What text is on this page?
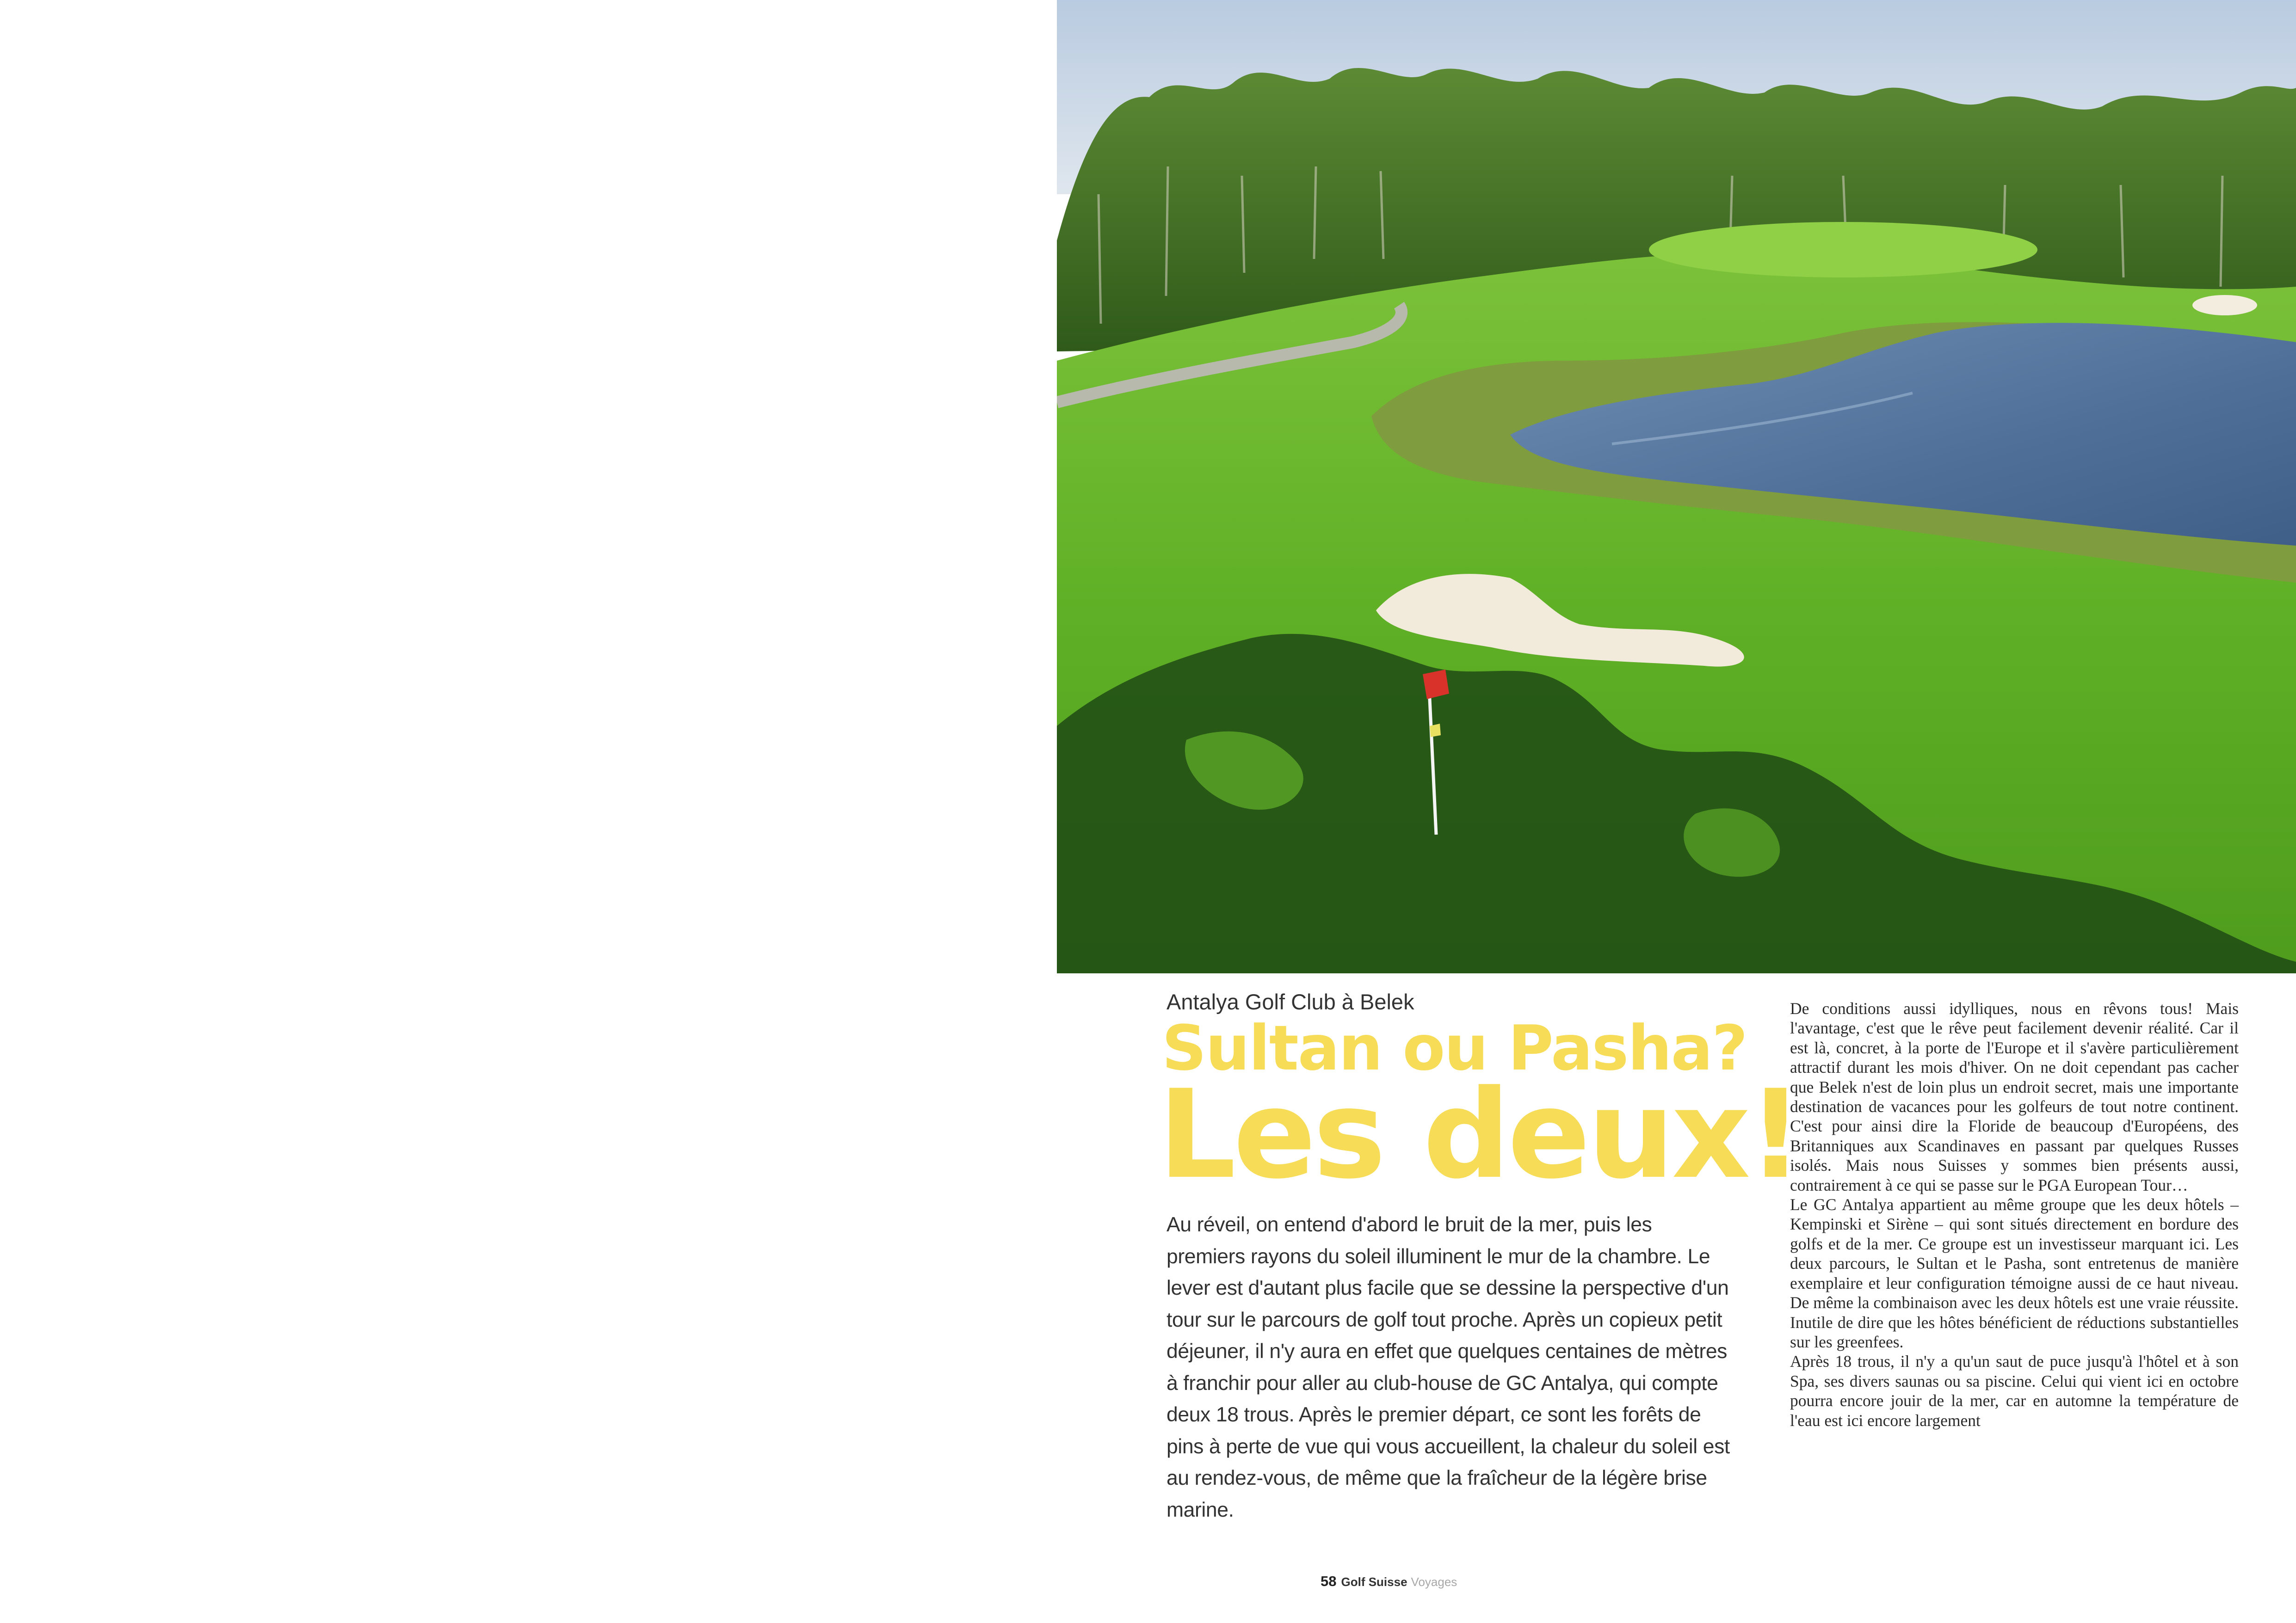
Antalya Golf Club à Belek

Sultan ou Pasha?
Les deux!

Au réveil, on entend d'abord le bruit de la mer, puis les premiers rayons du soleil illuminent le mur de la chambre. Le lever est d'autant plus facile que se dessine la perspective d'un tour sur le parcours de golf tout proche. Après un copieux petit déjeuner, il n'y aura en effet que quelques centaines de mètres à franchir pour aller au club-house de GC Antalya, qui compte deux 18 trous. Après le premier départ, ce sont les forêts de pins à perte de vue qui vous accueillent, la chaleur du soleil est au rendez-vous, de même que la fraîcheur de la légère brise marine.

De conditions aussi idylliques, nous en rêvons tous! Mais l'avantage, c'est que le rêve peut facilement devenir réalité. Car il est là, concret, à la porte de l'Europe et il s'avère particulièrement attractif durant les mois d'hiver. On ne doit cependant pas cacher que Belek n'est de loin plus un endroit secret, mais une importante destination de vacances pour les golfeurs de tout notre continent. C'est pour ainsi dire la Floride de beaucoup d'Européens, des Britanniques aux Scandinaves en passant par quelques Russes isolés. Mais nous Suisses y sommes bien présents aussi, contrairement à ce qui se passe sur le PGA European Tour…

Le GC Antalya appartient au même groupe que les deux hôtels – Kempinski et Sirène – qui sont situés directement en bordure des golfs et de la mer. Ce groupe est un investisseur marquant ici. Les deux parcours, le Sultan et le Pasha, sont entretenus de manière exemplaire et leur configuration témoigne aussi de ce haut niveau. De même la combinaison avec les deux hôtels est une vraie réussite. Inutile de dire que les hôtes bénéficient de réductions substantielles sur les greenfees.

Après 18 trous, il n'y a qu'un saut de puce jusqu'à l'hôtel et à son Spa, ses divers saunas ou sa piscine. Celui qui vient ici en octobre pourra encore jouir de la mer, car en automne la température de l'eau est ici encore largement

58 Golf Suisse Voyages
